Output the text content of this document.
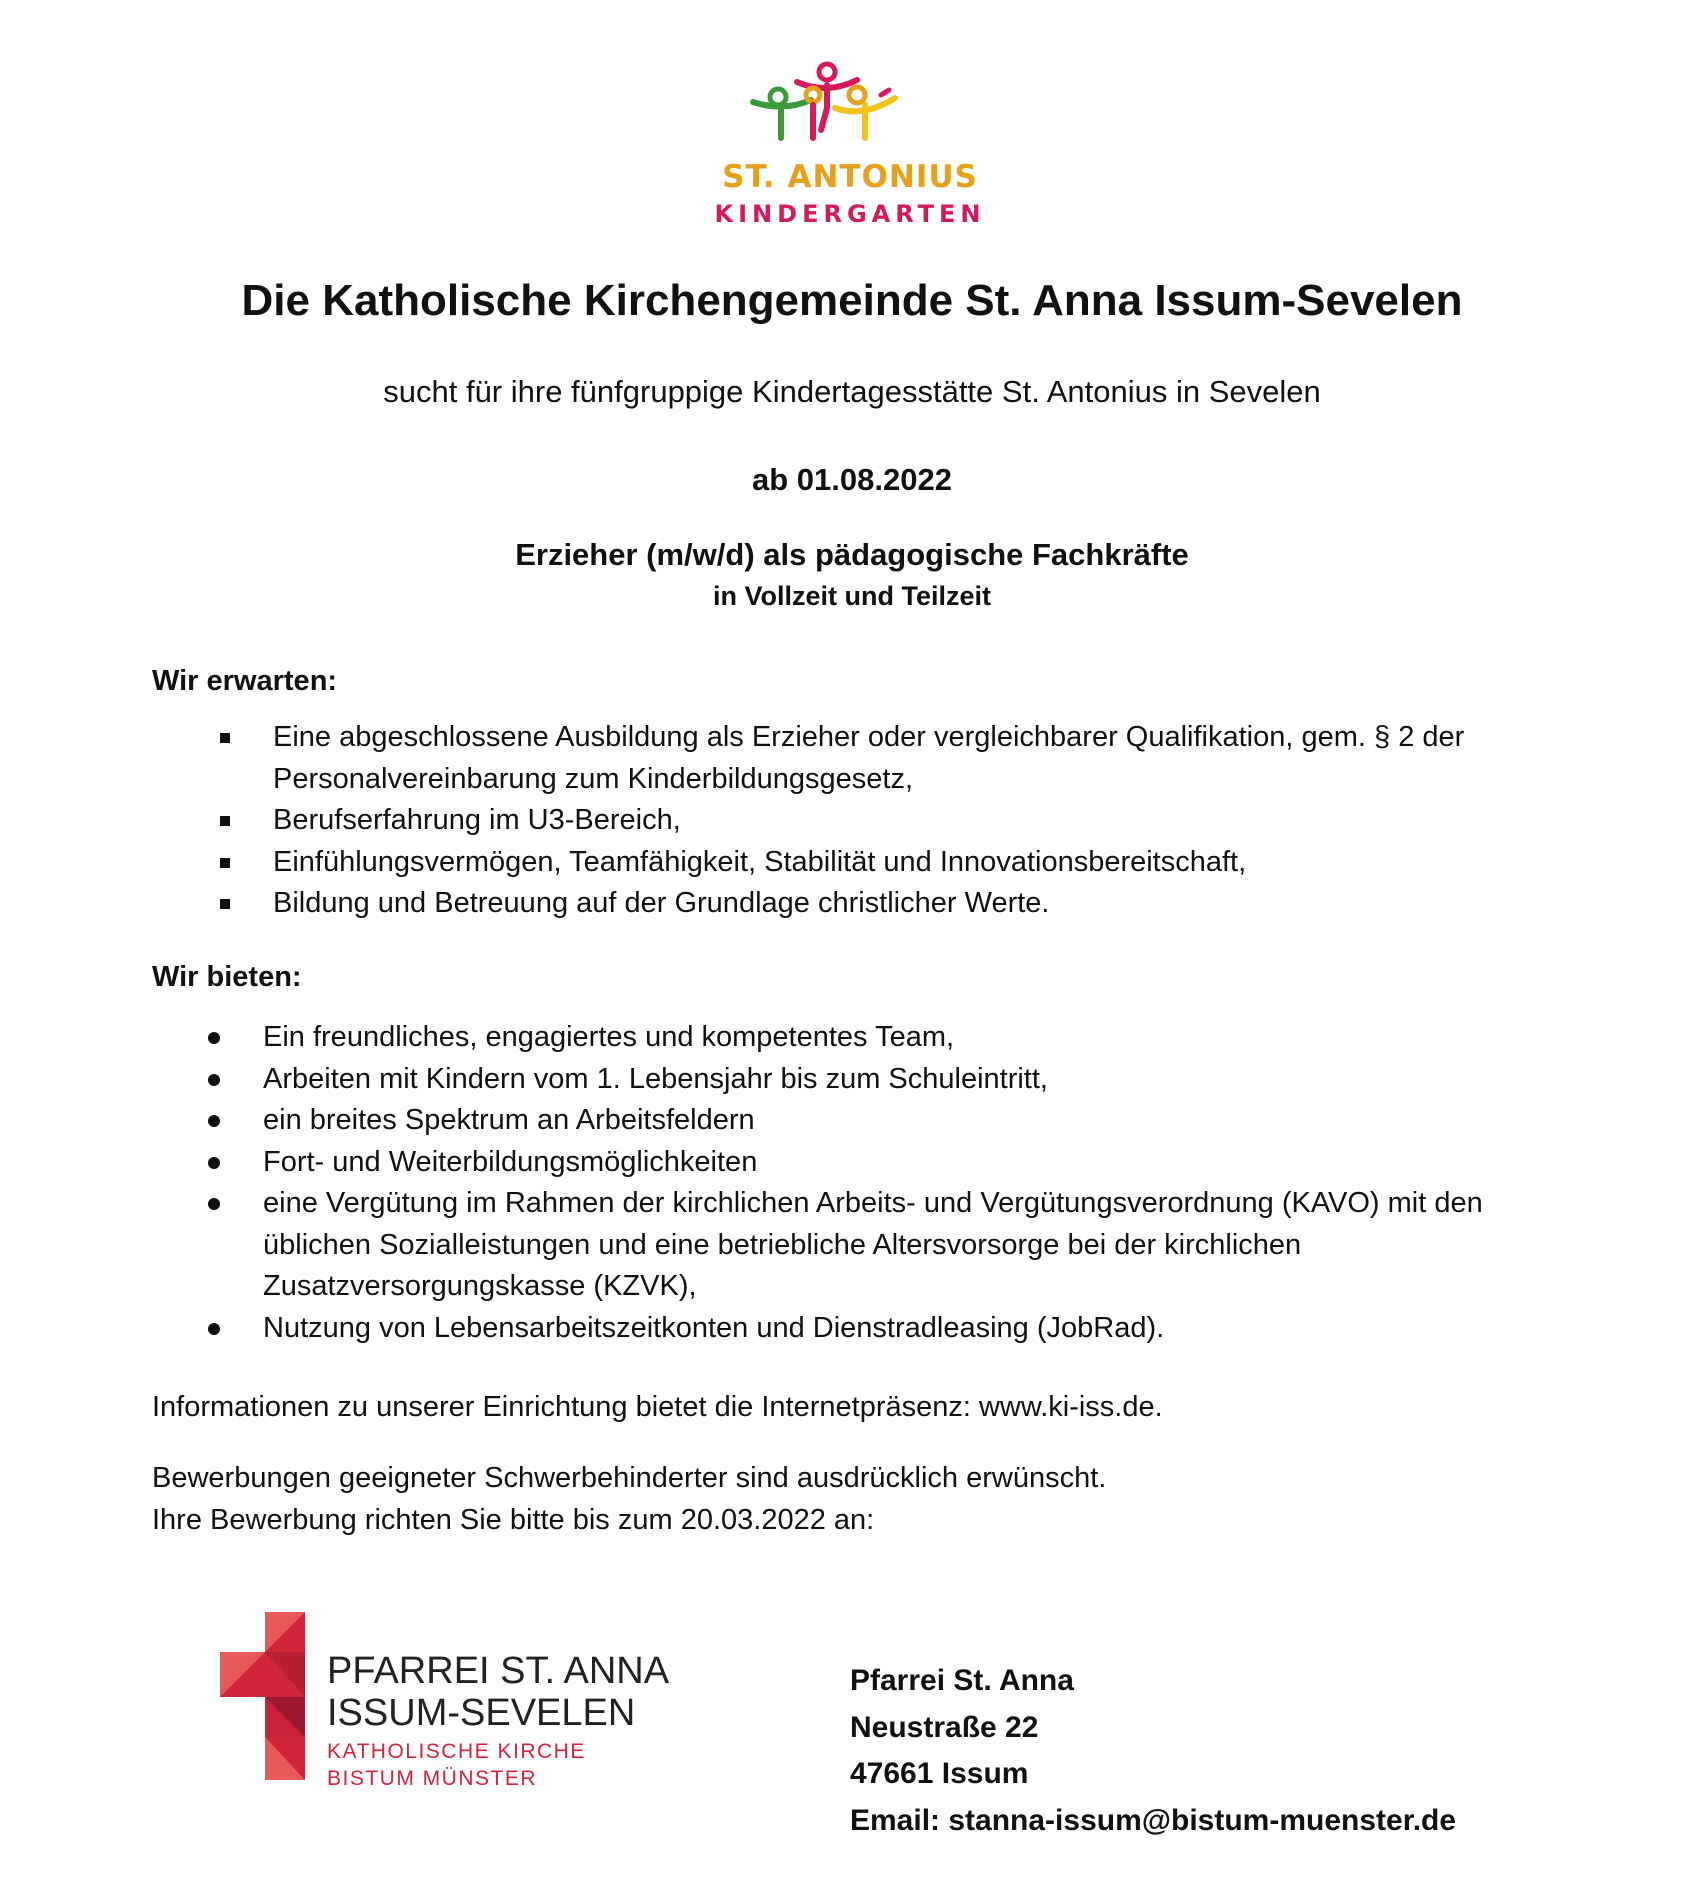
ST. ANTONIUS
KINDERGARTEN
Die Katholische Kirchengemeinde St. Anna Issum-Sevelen
sucht für ihre fünfgruppige Kindertagesstätte St. Antonius in Sevelen
ab 01.08.2022
Erzieher (m/w/d) als pädagogische Fachkräfte
in Vollzeit und Teilzeit
Wir erwarten:
Eine abgeschlossene Ausbildung als Erzieher oder vergleichbarer Qualifikation, gem. § 2 der Personalvereinbarung zum Kinderbildungsgesetz,
Berufserfahrung im U3-Bereich,
Einfühlungsvermögen, Teamfähigkeit, Stabilität und Innovationsbereitschaft,
Bildung und Betreuung auf der Grundlage christlicher Werte.
Wir bieten:
Ein freundliches, engagiertes und kompetentes Team,
Arbeiten mit Kindern vom 1. Lebensjahr bis zum Schuleintritt,
ein breites Spektrum an Arbeitsfeldern
Fort- und Weiterbildungsmöglichkeiten
eine Vergütung im Rahmen der kirchlichen Arbeits- und Vergütungsverordnung (KAVO) mit den üblichen Sozialleistungen und eine betriebliche Altersvorsorge bei der kirchlichen Zusatzversorgungskasse (KZVK),
Nutzung von Lebensarbeitszeitkonten und Dienstradleasing (JobRad).
Informationen zu unserer Einrichtung bietet die Internetpräsenz: www.ki-iss.de.
Bewerbungen geeigneter Schwerbehinderter sind ausdrücklich erwünscht.
Ihre Bewerbung richten Sie bitte bis zum 20.03.2022 an:
PFARREI ST. ANNA
ISSUM-SEVELEN
KATHOLISCHE KIRCHE
BISTUM MÜNSTER
Pfarrei St. Anna
Neustraße 22
47661 Issum
Email: stanna-issum@bistum-muenster.de
